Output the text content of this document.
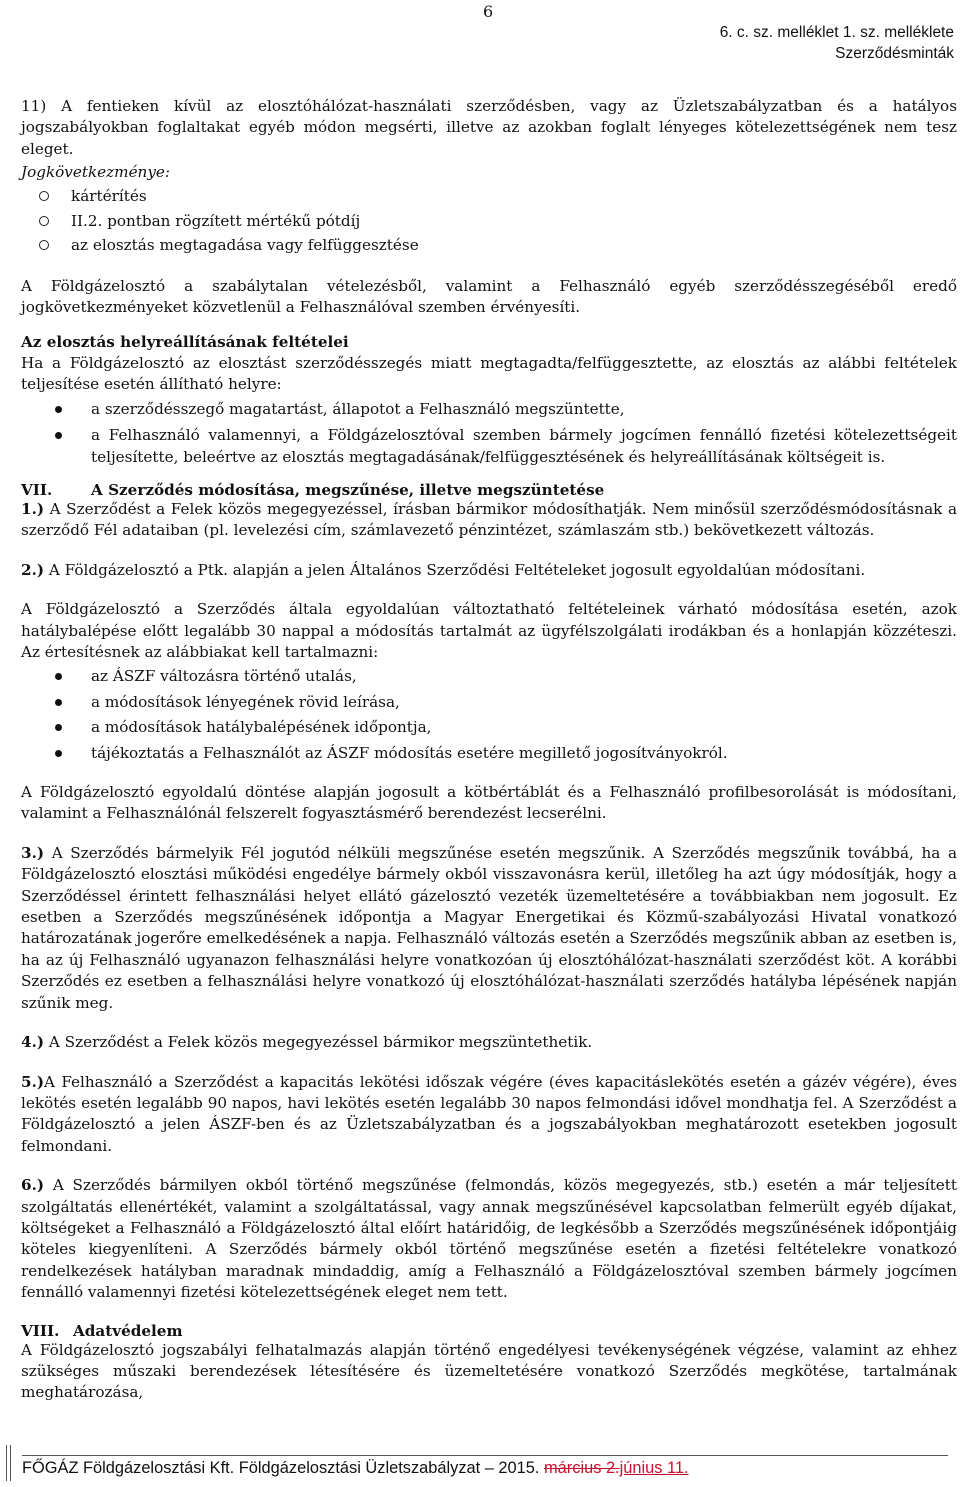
6
6. c. sz. melléklet 1. sz. melléklete
Szerződésminták

11) A fentieken kívül az elosztóhálózat-használati szerződésben, vagy az Üzletszabályzatban és a hatályos jogszabályokban foglaltakat egyéb módon megsérti, illetve az azokban foglalt lényeges kötelezettségének nem tesz eleget.

Jogkövetkezménye:

kártérítés
II.2. pontban rögzített mértékű pótdíj
az elosztás megtagadása vagy felfüggesztése

A Földgázelosztó a szabálytalan vételezésből, valamint a Felhasználó egyéb szerződésszegéséből eredő jogkövetkezményeket közvetlenül a Felhasználóval szemben érvényesíti.

Az elosztás helyreállításának feltételei

Ha a Földgázelosztó az elosztást szerződésszegés miatt megtagadta/felfüggesztette, az elosztás az alábbi feltételek teljesítése esetén állítható helyre:

a szerződésszegő magatartást, állapotot a Felhasználó megszüntette,
a Felhasználó valamennyi, a Földgázelosztóval szemben bármely jogcímen fennálló fizetési kötelezettségeit teljesítette, beleértve az elosztás megtagadásának/felfüggesztésének és helyreállításának költségeit is.
VII.	A Szerződés módosítása, megszűnése, illetve megszüntetése

1.) A Szerződést a Felek közös megegyezéssel, írásban bármikor módosíthatják. Nem minősül szerződésmódosításnak a szerződő Fél adataiban (pl. levelezési cím, számlavezető pénzintézet, számlaszám stb.) bekövetkezett változás.

2.) A Földgázelosztó a Ptk. alapján a jelen Általános Szerződési Feltételeket jogosult egyoldalúan módosítani.

A Földgázelosztó a Szerződés általa egyoldalúan változtatható feltételeinek várható módosítása esetén, azok hatálybalépése előtt legalább 30 nappal a módosítás tartalmát az ügyfélszolgálati irodákban és a honlapján közzéteszi. Az értesítésnek az alábbiakat kell tartalmazni:

az ÁSZF változásra történő utalás,
a módosítások lényegének rövid leírása,
a módosítások hatálybalépésének időpontja,
tájékoztatás a Felhasználót az ÁSZF módosítás esetére megillető jogosítványokról.

A Földgázelosztó egyoldalú döntése alapján jogosult a kötbértáblát és a Felhasználó profilbesorolását is módosítani, valamint a Felhasználónál felszerelt fogyasztásmérő berendezést lecserélni.

3.) A Szerződés bármelyik Fél jogutód nélküli megszűnése esetén megszűnik. A Szerződés megszűnik továbbá, ha a Földgázelosztó elosztási működési engedélye bármely okból visszavonásra kerül, illetőleg ha azt úgy módosítják, hogy a Szerződéssel érintett felhasználási helyet ellátó gázelosztó vezeték üzemeltetésére a továbbiakban nem jogosult. Ez esetben a Szerződés megszűnésének időpontja a Magyar Energetikai és Közmű-szabályozási Hivatal vonatkozó határozatának jogerőre emelkedésének a napja. Felhasználó változás esetén a Szerződés megszűnik abban az esetben is, ha az új Felhasználó ugyanazon felhasználási helyre vonatkozóan új elosztóhálózat-használati szerződést köt. A korábbi Szerződés ez esetben a felhasználási helyre vonatkozó új elosztóhálózat-használati szerződés hatályba lépésének napján szűnik meg.

4.) A Szerződést a Felek közös megegyezéssel bármikor megszüntethetik.

5.)A Felhasználó a Szerződést a kapacitás lekötési időszak végére (éves kapacitáslekötés esetén a gázév végére), éves lekötés esetén legalább 90 napos, havi lekötés esetén legalább 30 napos felmondási idővel mondhatja fel. A Szerződést a Földgázelosztó a jelen ÁSZF-ben és az Üzletszabályzatban és a jogszabályokban meghatározott esetekben jogosult felmondani.

6.) A Szerződés bármilyen okból történő megszűnése (felmondás, közös megegyezés, stb.) esetén a már teljesített szolgáltatás ellenértékét, valamint a szolgáltatással, vagy annak megszűnésével kapcsolatban felmerült egyéb díjakat, költségeket a Felhasználó a Földgázelosztó által előírt határidőig, de legkésőbb a Szerződés megszűnésének időpontjáig köteles kiegyenlíteni. A Szerződés bármely okból történő megszűnése esetén a fizetési feltételekre vonatkozó rendelkezések hatályban maradnak mindaddig, amíg a Felhasználó a Földgázelosztóval szemben bármely jogcímen fennálló valamennyi fizetési kötelezettségének eleget nem tett.

VIII. Adatvédelem

A Földgázelosztó jogszabályi felhatalmazás alapján történő engedélyesi tevékenységének végzése, valamint az ehhez szükséges műszaki berendezések létesítésére és üzemeltetésére vonatkozó Szerződés megkötése, tartalmának meghatározása,

FŐGÁZ Földgázelosztási Kft. Földgázelosztási Üzletszabályzat – 2015. március 2.június 11.
